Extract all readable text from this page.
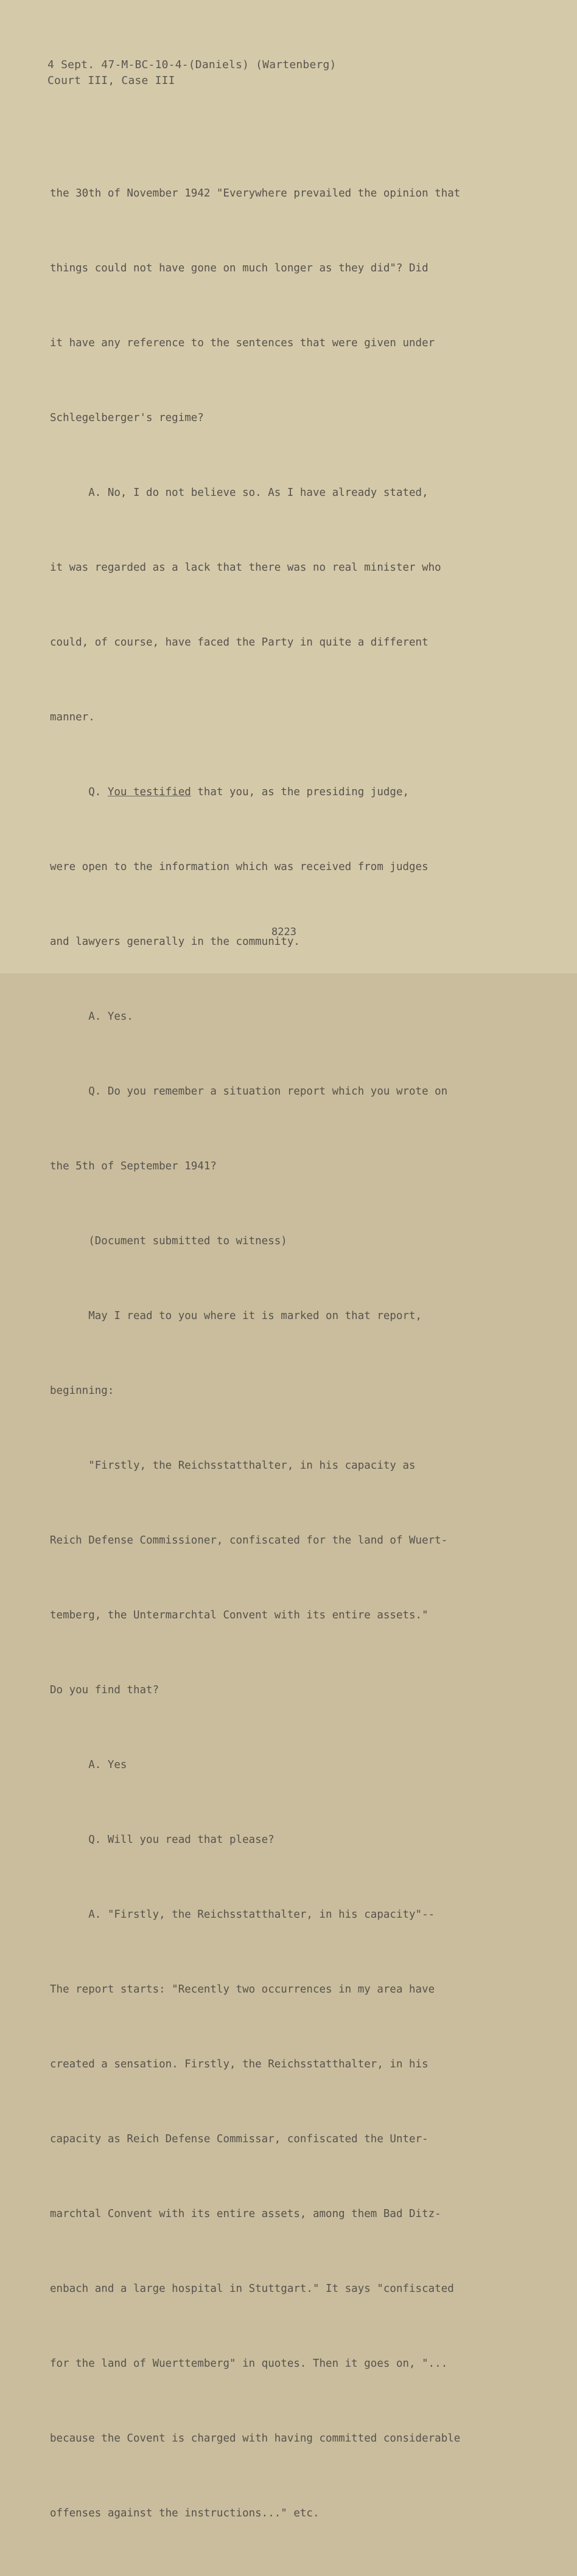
4 Sept. 47-M-BC-10-4-(Daniels) (Wartenberg)
Court III, Case III

the 30th of November 1942 "Everywhere prevailed the opinion that

things could not have gone on much longer as they did"? Did

it have any reference to the sentences that were given under

Schlegelberger's regime?

A. No, I do not believe so. As I have already stated,

it was regarded as a lack that there was no real minister who

could, of course, have faced the Party in quite a different

manner.

Q. You testified that you, as the presiding judge,

were open to the information which was received from judges

and lawyers generally in the community.

A. Yes.

Q. Do you remember a situation report which you wrote on

the 5th of September 1941?

(Document submitted to witness)

May I read to you where it is marked on that report,

beginning:

"Firstly, the Reichsstatthalter, in his capacity as

Reich Defense Commissioner, confiscated for the land of Wuert-

temberg, the Untermarchtal Convent with its entire assets."

Do you find that?

A. Yes

Q. Will you read that please?

A. "Firstly, the Reichsstatthalter, in his capacity"--

The report starts: "Recently two occurrences in my area have

created a sensation. Firstly, the Reichsstatthalter, in his

capacity as Reich Defense Commissar, confiscated the Unter-

marchtal Convent with its entire assets, among them Bad Ditz-

enbach and a large hospital in Stuttgart." It says "confiscated

for the land of Wuerttemberg" in quotes. Then it goes on, "...

because the Covent is charged with having committed considerable

offenses against the instructions..." etc.

8223
